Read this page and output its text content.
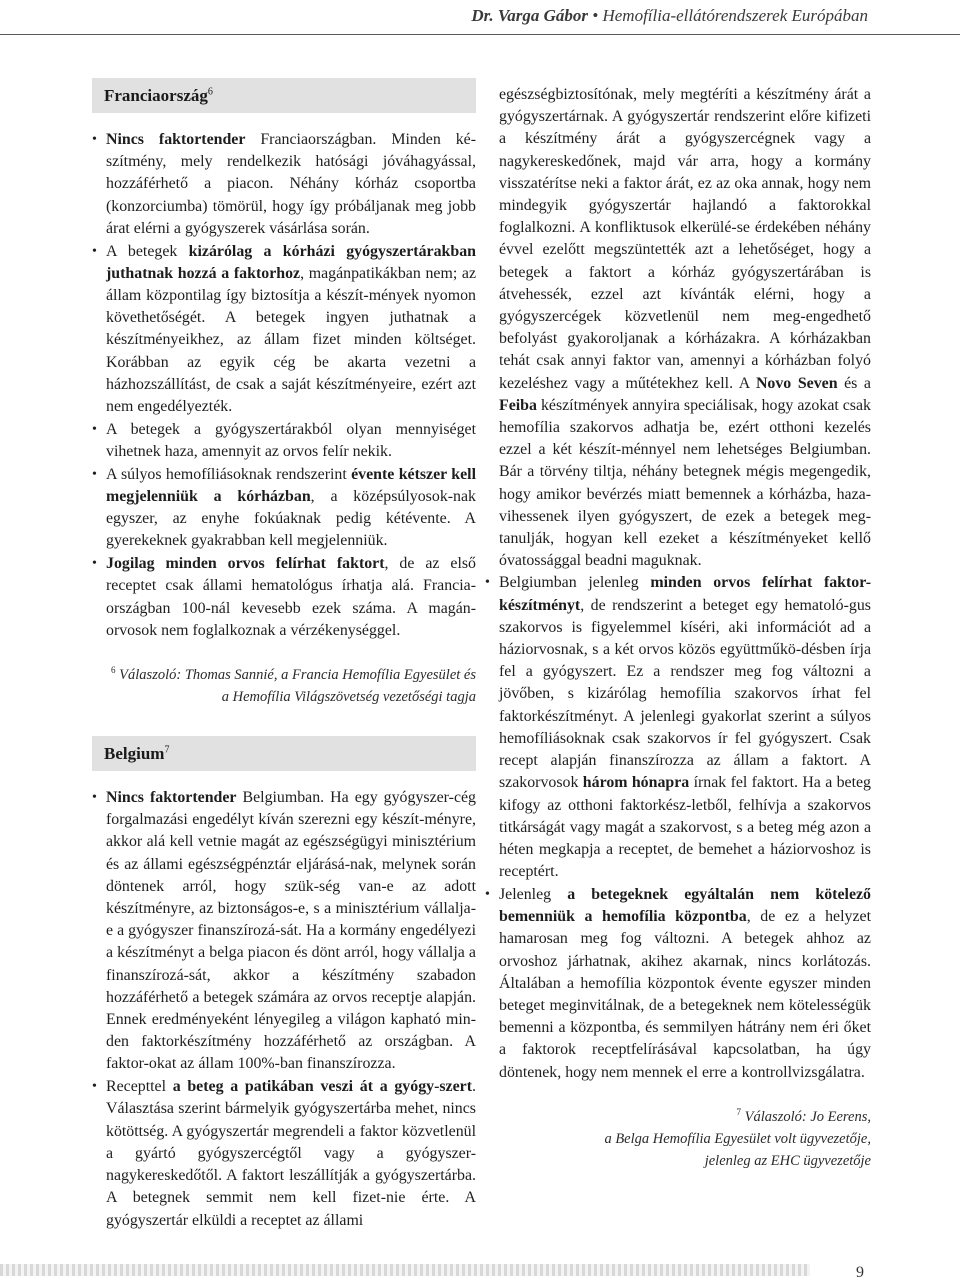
Dr. Varga Gábor • Hemofília-ellátórendszerek Európában
Franciaország$^6$
• Nincs faktortender Franciaországban. Minden ké-szítmény, mely rendelkezik hatósági jóváhagyással, hozzáférhető a piacon. Néhány kórház csoportba (konzorciumba) tömörül, hogy így próbáljanak meg jobb árat elérni a gyógyszerek vásárlása során.
• A betegek kizárólag a kórházi gyógyszertárakban juthatnak hozzá a faktorhoz, magánpatikákban nem; az állam központilag így biztosítja a készít-mények nyomon követhetőségét. A betegek ingyen juthatnak a készítményeikhez, az állam fizet minden költséget. Korábban az egyik cég be akarta vezetni a házhozszállítást, de csak a saját készítményeire, ezért azt nem engedélyezték.
• A betegek a gyógyszertárakból olyan mennyiséget vihetnek haza, amennyit az orvos felír nekik.
• A súlyos hemofíliásoknak rendszerint évente kétszer kell megjelenniük a kórházban, a középsúlyosok-nak egyszer, az enyhe fokúaknak pedig kétévente. A gyerekeknek gyakrabban kell megjelenniük.
• Jogilag minden orvos felírhat faktort, de az első receptet csak állami hematológus írhatja alá. Francia-országban 100-nál kevesebb ezek száma. A magán-orvosok nem foglalkoznak a vérzékenységgel.
$^6$ Válaszoló: Thomas Sannié, a Francia Hemofília Egyesület és
a Hemofília Világszövetség vezetőségi tagja
Belgium$^7$
• Nincs faktortender Belgiumban. Ha egy gyógyszer-cég forgalmazási engedélyt kíván szerezni egy készít-ményre, akkor alá kell vetnie magát az egészségügyi minisztérium és az állami egészségpénztár eljárásá-nak, melynek során döntenek arról, hogy szük-ség van-e az adott készítményre, az biztonságos-e, s a minisztérium vállalja-e a gyógyszer finanszírozá-sát. Ha a kormány engedélyezi a készítményt a belga piacon és dönt arról, hogy vállalja a finanszírozá-sát, akkor a készítmény szabadon hozzáférhető a betegek számára az orvos receptje alapján. Ennek eredményeként lényegileg a világon kapható min-den faktorkészítmény hozzáférhető az országban. A faktor-okat az állam 100%-ban finanszírozza.
• Recepttel a beteg a patikában veszi át a gyógy-szert. Választása szerint bármelyik gyógyszertárba mehet, nincs kötöttség. A gyógyszertár megrendeli a faktor közvetlenül a gyártó gyógyszercégtől vagy a gyógyszer-nagykereskedőtől. A faktort leszállítják a gyógyszertárba. A betegnek semmit nem kell fizet-nie érte. A gyógyszertár elküldi a receptet az állami
egészségbiztosítónak, mely megtéríti a készítmény árát a gyógyszertárnak. A gyógyszertár rendszerint előre kifizeti a készítmény árát a gyógyszercégnek vagy a nagykereskedőnek, majd vár arra, hogy a kormány visszatérítse neki a faktor árát, ez az oka annak, hogy nem mindegyik gyógyszertár hajlandó a faktorokkal foglalkozni. A konfliktusok elkerülé-se érdekében néhány évvel ezelőtt megszüntették azt a lehetőséget, hogy a betegek a faktort a kórház gyógyszertárában is átvehessék, ezzel azt kívánták elérni, hogy a gyógyszercégek közvetlenül nem meg-engedhető befolyást gyakoroljanak a kórházakra. A kórházakban tehát csak annyi faktor van, amennyi a kórházban folyó kezeléshez vagy a műtétekhez kell. A Novo Seven és a Feiba készítmények annyira speciálisak, hogy azokat csak hemofília szakorvos adhatja be, ezért otthoni kezelés ezzel a két készít-ménnyel nem lehetséges Belgiumban. Bár a törvény tiltja, néhány betegnek mégis megengedik, hogy amikor bevérzés miatt bemennek a kórházba, haza-vihessenek ilyen gyógyszert, de ezek a betegek meg-tanulják, hogyan kell ezeket a készítményeket kellő óvatossággal beadni maguknak.
• Belgiumban jelenleg minden orvos felírhat faktor-készítményt, de rendszerint a beteget egy hematoló-gus szakorvos is figyelemmel kíséri, aki információt ad a háziorvosnak, s a két orvos közös együttműkö-désben írja fel a gyógyszert. Ez a rendszer meg fog változni a jövőben, s kizárólag hemofília szakorvos írhat fel faktorkészítményt. A jelenlegi gyakorlat szerint a súlyos hemofíliásoknak csak szakorvos ír fel gyógyszert. Csak recept alapján finanszírozza az állam a faktort. A szakorvosok három hónapra írnak fel faktort. Ha a beteg kifogy az otthoni faktorkész-letből, felhívja a szakorvos titkárságát vagy magát a szakorvost, s a beteg még azon a héten megkapja a receptet, de bemehet a háziorvoshoz is receptért.
• Jelenleg a betegeknek egyáltalán nem kötelező bemenniük a hemofília központba, de ez a helyzet hamarosan meg fog változni. A betegek ahhoz az orvoshoz járhatnak, akihez akarnak, nincs korlátozás. Általában a hemofília központok évente egyszer minden beteget meginvitálnak, de a betegeknek nem kötelességük bemenni a központba, és semmilyen hátrány nem éri őket a faktorok receptfelírásával kapcsolatban, ha úgy döntenek, hogy nem mennek el erre a kontrollvizsgálatra.
$^7$ Válaszoló: Jo Eerens,
a Belga Hemofília Egyesület volt ügyvezetője,
jelenleg az EHC ügyvezetője
9
